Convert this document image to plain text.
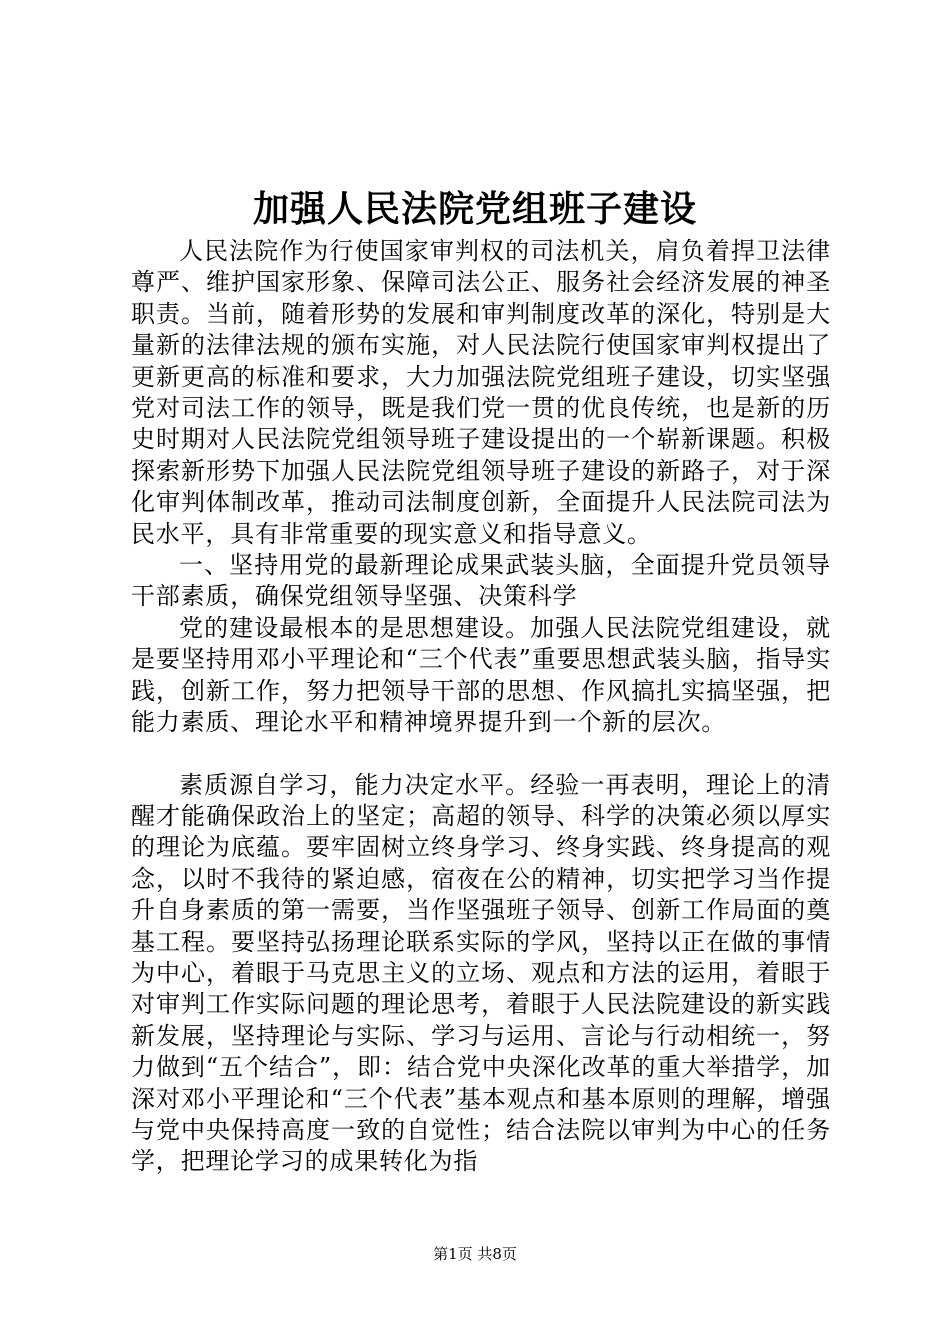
加强人民法院党组班子建设

人民法院作为行使国家审判权的司法机关，肩负着捍卫法律尊严、维护国家形象、保障司法公正、服务社会经济发展的神圣职责。当前，随着形势的发展和审判制度改革的深化，特别是大量新的法律法规的颁布实施，对人民法院行使国家审判权提出了更新更高的标准和要求，大力加强法院党组班子建设，切实坚强党对司法工作的领导，既是我们党一贯的优良传统，也是新的历史时期对人民法院党组领导班子建设提出的一个崭新课题。积极探索新形势下加强人民法院党组领导班子建设的新路子，对于深化审判体制改革，推动司法制度创新，全面提升人民法院司法为民水平，具有非常重要的现实意义和指导意义。

一、坚持用党的最新理论成果武装头脑，全面提升党员领导干部素质，确保党组领导坚强、决策科学

党的建设最根本的是思想建设。加强人民法院党组建设，就是要坚持用邓小平理论和“三个代表”重要思想武装头脑，指导实践，创新工作，努力把领导干部的思想、作风搞扎实搞坚强，把能力素质、理论水平和精神境界提升到一个新的层次。

素质源自学习，能力决定水平。经验一再表明，理论上的清醒才能确保政治上的坚定；高超的领导、科学的决策必须以厚实的理论为底蕴。要牢固树立终身学习、终身实践、终身提高的观念，以时不我待的紧迫感，宿夜在公的精神，切实把学习当作提升自身素质的第一需要，当作坚强班子领导、创新工作局面的奠基工程。要坚持弘扬理论联系实际的学风，坚持以正在做的事情为中心，着眼于马克思主义的立场、观点和方法的运用，着眼于对审判工作实际问题的理论思考，着眼于人民法院建设的新实践新发展，坚持理论与实际、学习与运用、言论与行动相统一，努力做到“五个结合”，即：结合党中央深化改革的重大举措学，加深对邓小平理论和“三个代表”基本观点和基本原则的理解，增强与党中央保持高度一致的自觉性；结合法院以审判为中心的任务学，把理论学习的成果转化为指

第1页 共8页
